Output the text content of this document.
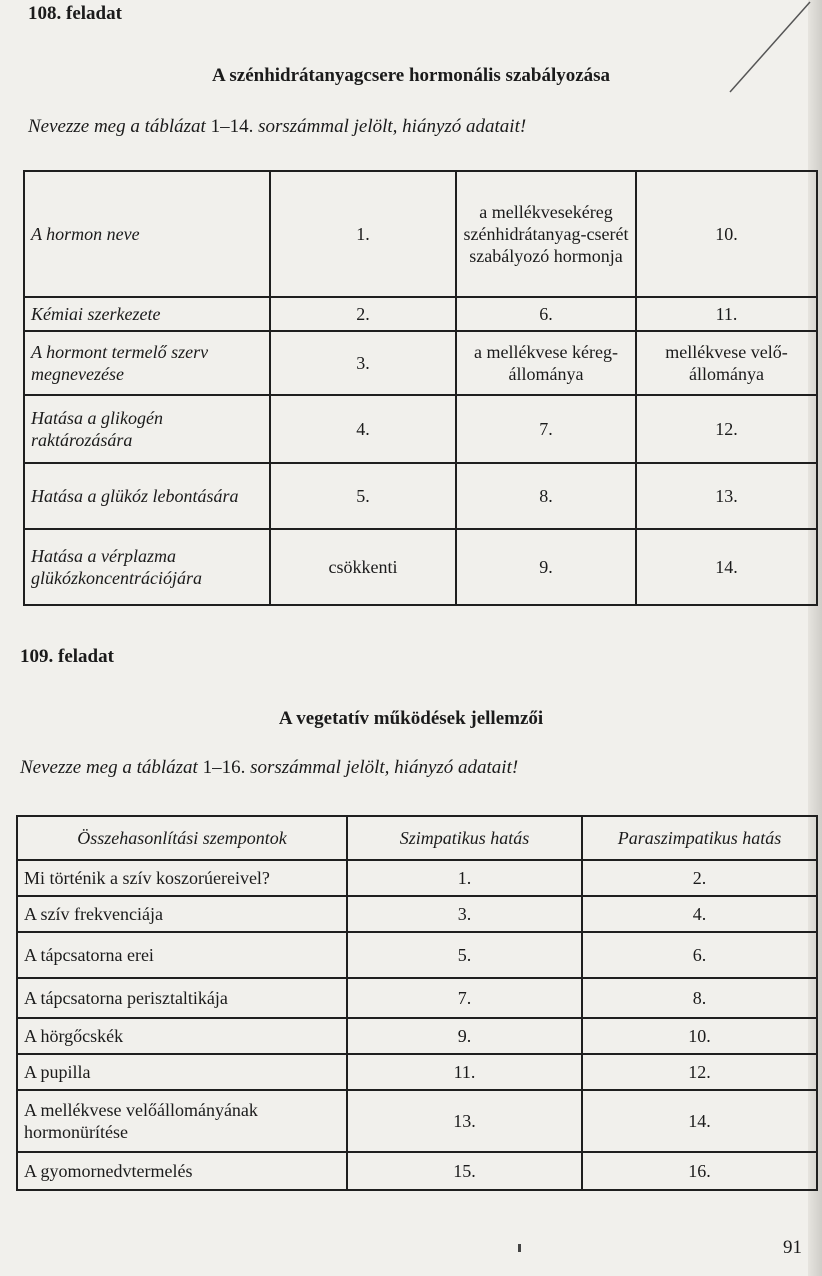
108. feladat
A szénhidrátanyagcsere hormonális szabályozása
Nevezze meg a táblázat 1–14. sorszámmal jelölt, hiányzó adatait!
A hormon neve	1.	a mellékvesekéreg szénhidrátanyag-cserét szabályozó hormonja	10.
Kémiai szerkezete	2.	6.	11.
A hormont termelő szerv megnevezése	3.	a mellékvese kéreg-állománya	mellékvese velő-állománya
Hatása a glikogén raktározására	4.	7.	12.
Hatása a glükóz lebontására	5.	8.	13.
Hatása a vérplazma glükózkoncentrációjára	csökkenti	9.	14.
109. feladat
A vegetatív működések jellemzői
Nevezze meg a táblázat 1–16. sorszámmal jelölt, hiányzó adatait!
Összehasonlítási szempontok	Szimpatikus hatás	Paraszimpatikus hatás
Mi történik a szív koszorúereivel?	1.	2.
A szív frekvenciája	3.	4.
A tápcsatorna erei	5.	6.
A tápcsatorna perisztaltikája	7.	8.
A hörgőcskék	9.	10.
A pupilla	11.	12.
A mellékvese velőállományának hormonürítése	13.	14.
A gyomornedvtermelés	15.	16.
91
